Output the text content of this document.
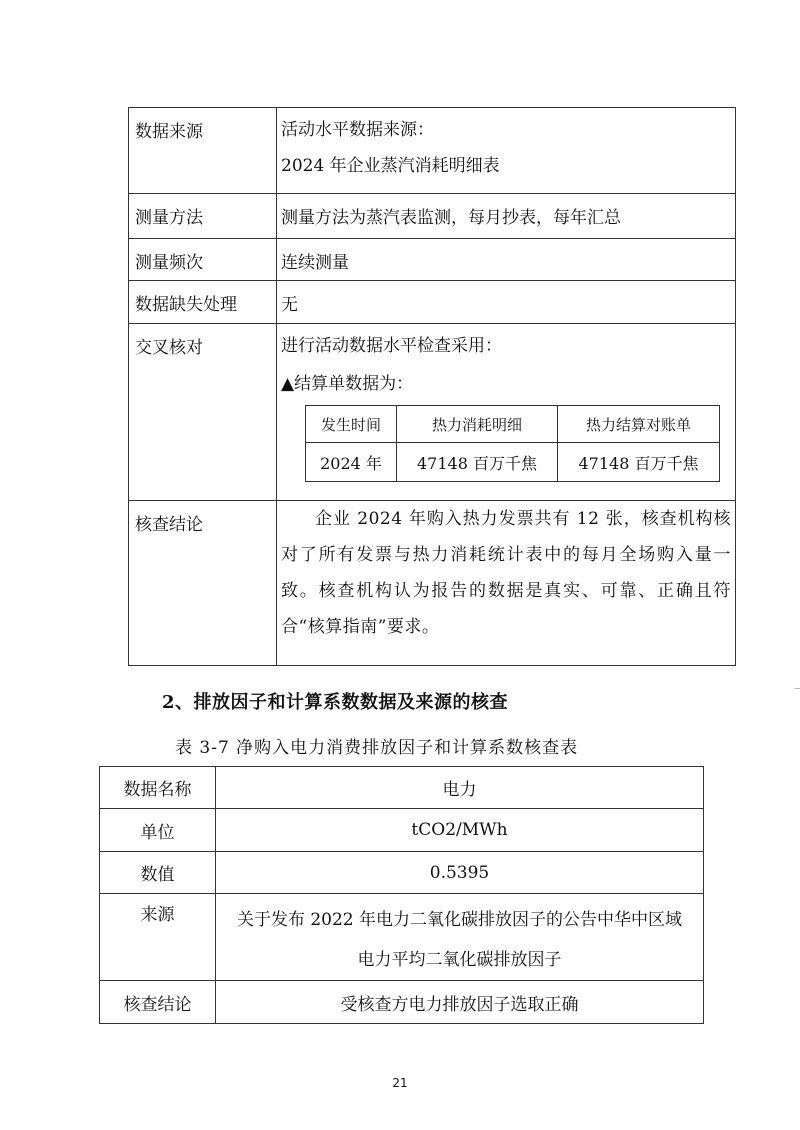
数据来源	活动水平数据来源：
2024 年企业蒸汽消耗明细表

测量方法	测量方法为蒸汽表监测，每月抄表，每年汇总
测量频次	连续测量
数据缺失处理	无
交叉核对	进行活动数据水平检查采用：
▲结算单数据为：
发生时间	热力消耗明细	热力结算对账单
2024 年	47148 百万千焦	47148 百万千焦

核查结论	企业 2024 年购入热力发票共有 12 张，核查机构核对了所有发票与热力消耗统计表中的每月全场购入量一致。核查机构认为报告的数据是真实、可靠、正确且符合“核算指南”要求。
2、排放因子和计算系数数据及来源的核查
表 3-7 净购入电力消费排放因子和计算系数核查表
数据名称	电力
单位	tCO2/MWh
数值	0.5395
来源	关于发布 2022 年电力二氧化碳排放因子的公告中华中区域
电力平均二氧化碳排放因子

核查结论	受核查方电力排放因子选取正确
21
